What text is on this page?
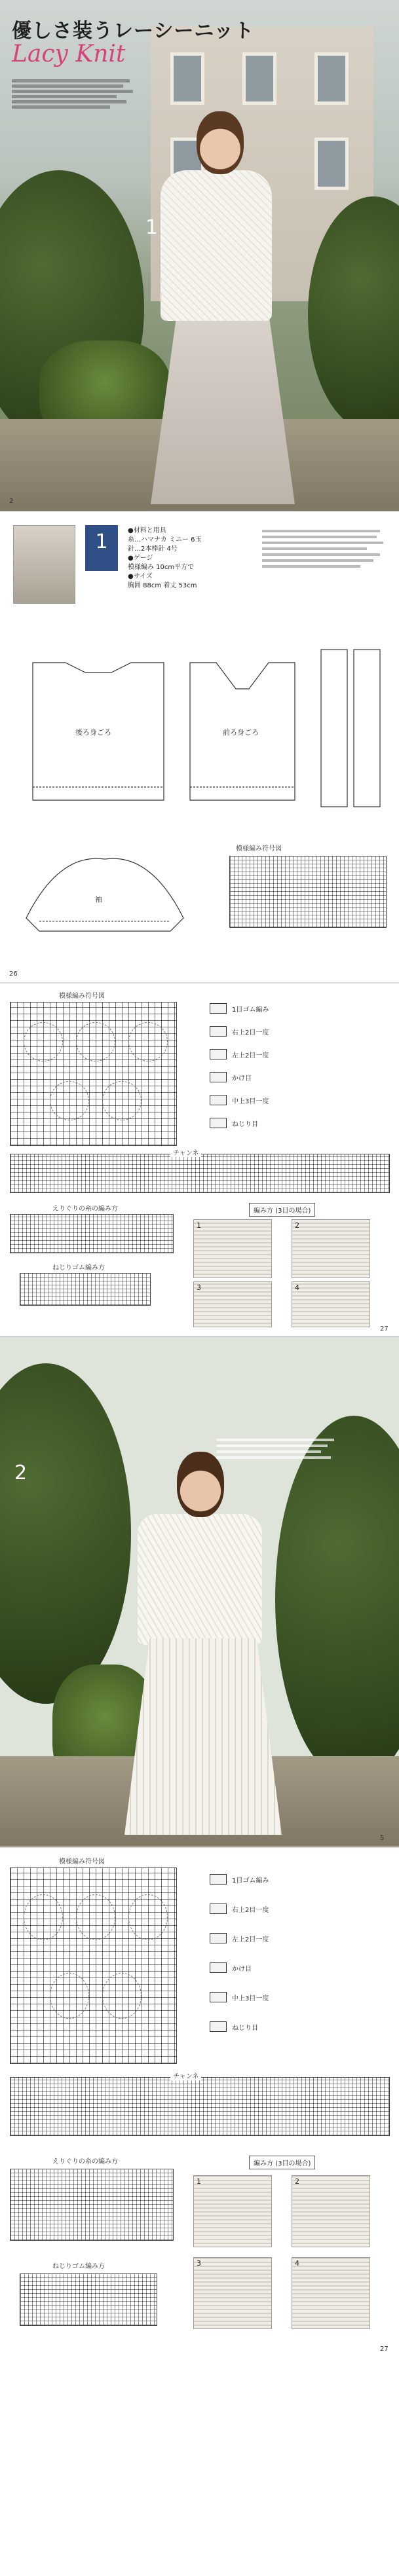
優しさ装うレーシーニット
Lacy Knit
1
2
1	●材料と用具
糸…ハマナカ ミニー 6玉
針…2本棒針 4号
●ゲージ
模様編み 10cm平方で
●サイズ
胸囲 88cm 着丈 53cm
後ろ身ごろ	前ろ身ごろ
袖
模様編み符号図
26
模様編み符号図
1目ゴム編み
右上2目一度
左上2目一度
かけ目
中上3目一度
ねじり目
チャンネ
えりぐりの糸の編み方
ねじりゴム編み方
編み方 (3目の場合)
1	2
3	4
27
2
5
模様編み符号図
1目ゴム編み
右上2目一度
左上2目一度
かけ目
中上3目一度
ねじり目
チャンネ
えりぐりの糸の編み方
ねじりゴム編み方
編み方 (3目の場合)
1	2
3	4
27
